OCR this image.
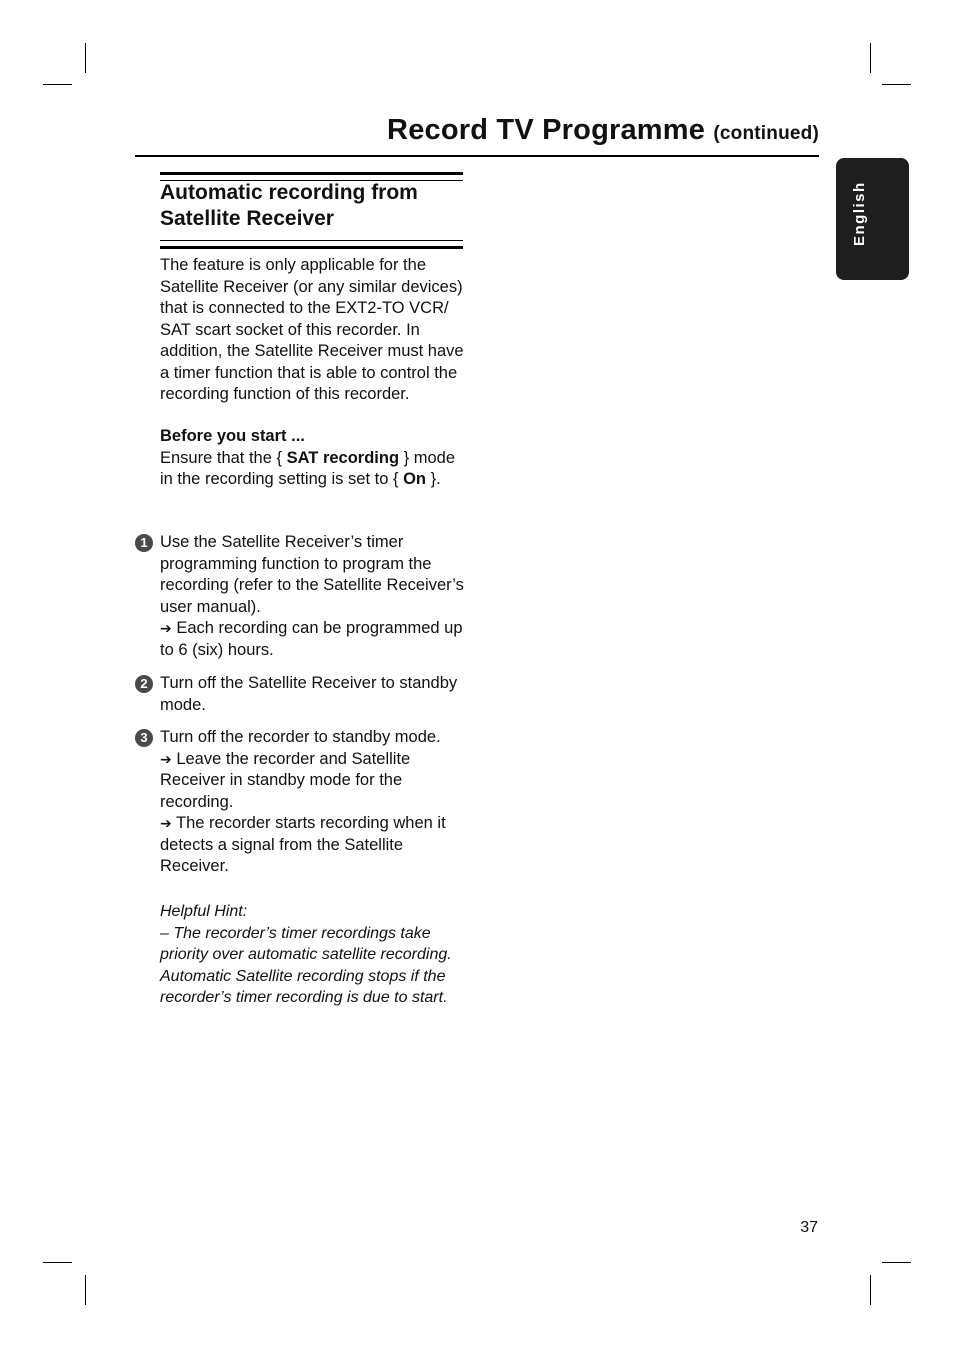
Record TV Programme (continued)
English
Automatic recording from Satellite Receiver
The feature is only applicable for the Satellite Receiver (or any similar devices) that is connected to the EXT2-TO VCR/ SAT scart socket of this recorder. In addition, the Satellite Receiver must have a timer function that is able to control the recording function of this recorder.
Before you start ...
Ensure that the { SAT recording } mode in the recording setting is set to { On }.
1 Use the Satellite Receiver’s timer programming function to program the recording (refer to the Satellite Receiver’s user manual).
➔ Each recording can be programmed up to 6 (six) hours.
2 Turn off the Satellite Receiver to standby mode.
3 Turn off the recorder to standby mode.
➔ Leave the recorder and Satellite Receiver in standby mode for the recording.
➔ The recorder starts recording when it detects a signal from the Satellite Receiver.
Helpful Hint:
– The recorder’s timer recordings take priority over automatic satellite recording. Automatic Satellite recording stops if the recorder’s timer recording is due to start.
37
